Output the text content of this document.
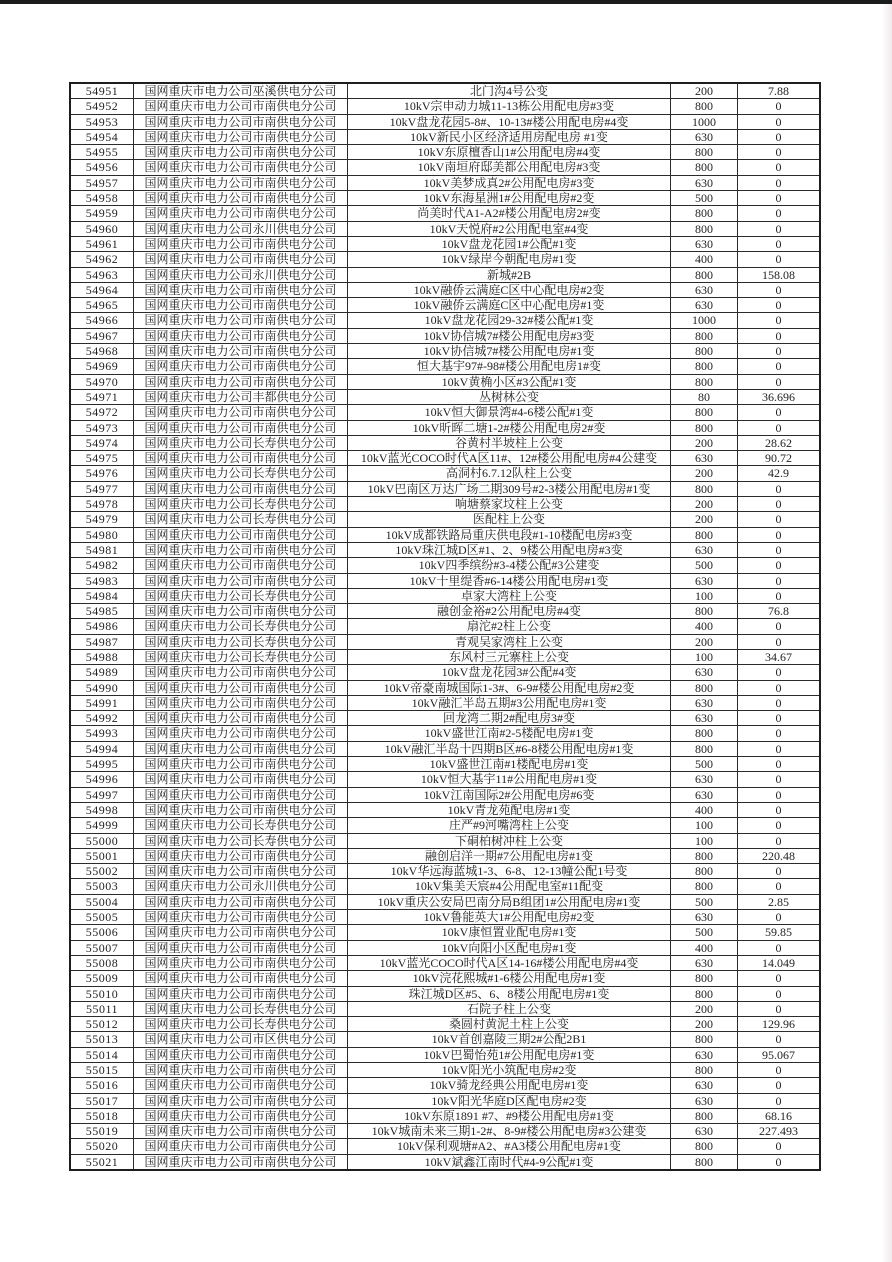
54951	国网重庆市电力公司巫溪供电分公司	北门沟4号公变	200	7.88
54952	国网重庆市电力公司市南供电分公司	10kV宗申动力城11-13栋公用配电房#3变	800	0
54953	国网重庆市电力公司市南供电分公司	10kV盘龙花园5-8#、10-13#楼公用配电房#4变	1000	0
54954	国网重庆市电力公司市南供电分公司	10kV新民小区经济适用房配电房 #1变	630	0
54955	国网重庆市电力公司市南供电分公司	10kV东原檀香山1#公用配电房#4变	800	0
54956	国网重庆市电力公司市南供电分公司	10kV南垣府邸美都公用配电房#3变	800	0
54957	国网重庆市电力公司市南供电分公司	10kV美梦成真2#公用配电房#3变	630	0
54958	国网重庆市电力公司市南供电分公司	10kV东海星洲1#公用配电房#2变	500	0
54959	国网重庆市电力公司市南供电分公司	尚美时代A1-A2#楼公用配电房2#变	800	0
54960	国网重庆市电力公司永川供电分公司	10kV天悦府#2公用配电室#4变	800	0
54961	国网重庆市电力公司市南供电分公司	10kV盘龙花园1#公配#1变	630	0
54962	国网重庆市电力公司市南供电分公司	10kV绿岸今朝配电房#1变	400	0
54963	国网重庆市电力公司永川供电分公司	新城#2B	800	158.08
54964	国网重庆市电力公司市南供电分公司	10kV融侨云满庭C区中心配电房#2变	630	0
54965	国网重庆市电力公司市南供电分公司	10kV融侨云满庭C区中心配电房#1变	630	0
54966	国网重庆市电力公司市南供电分公司	10kV盘龙花园29-32#楼公配#1变	1000	0
54967	国网重庆市电力公司市南供电分公司	10kV协信城7#楼公用配电房#3变	800	0
54968	国网重庆市电力公司市南供电分公司	10kV协信城7#楼公用配电房#1变	800	0
54969	国网重庆市电力公司市南供电分公司	恒大基宇97#-98#楼公用配电房1#变	800	0
54970	国网重庆市电力公司市南供电分公司	10kV黄桷小区#3公配#1变	800	0
54971	国网重庆市电力公司丰都供电分公司	丛树林公变	80	36.696
54972	国网重庆市电力公司市南供电分公司	10kV恒大御景湾#4-6楼公配#1变	800	0
54973	国网重庆市电力公司市南供电分公司	10kV昕晖二塘1-2#楼公用配电房2#变	800	0
54974	国网重庆市电力公司长寿供电分公司	谷黄村半坡柱上公变	200	28.62
54975	国网重庆市电力公司市南供电分公司	10kV蓝光COCO时代A区11#、12#楼公用配电房#4公建变	630	90.72
54976	国网重庆市电力公司长寿供电分公司	高洞村6.7.12队柱上公变	200	42.9
54977	国网重庆市电力公司市南供电分公司	10kV巴南区万达广场二期309号#2-3楼公用配电房#1变	800	0
54978	国网重庆市电力公司长寿供电分公司	响塘蔡家坟柱上公变	200	0
54979	国网重庆市电力公司长寿供电分公司	医配柱上公变	200	0
54980	国网重庆市电力公司市南供电分公司	10kV成都铁路局重庆供电段#1-10楼配电房#3变	800	0
54981	国网重庆市电力公司市南供电分公司	10kV珠江城D区#1、2、9楼公用配电房#3变	630	0
54982	国网重庆市电力公司市南供电分公司	10kV四季缤纷#3-4楼公配#3公建变	500	0
54983	国网重庆市电力公司市南供电分公司	10kV十里缇香#6-14楼公用配电房#1变	630	0
54984	国网重庆市电力公司长寿供电分公司	卓家大湾柱上公变	100	0
54985	国网重庆市电力公司市南供电分公司	融创金裕#2公用配电房#4变	800	76.8
54986	国网重庆市电力公司长寿供电分公司	扇沱#2柱上公变	400	0
54987	国网重庆市电力公司长寿供电分公司	青观吴家湾柱上公变	200	0
54988	国网重庆市电力公司长寿供电分公司	东风村三元寨柱上公变	100	34.67
54989	国网重庆市电力公司市南供电分公司	10kV盘龙花园3#公配#4变	630	0
54990	国网重庆市电力公司市南供电分公司	10kV帝豪南城国际1-3#、6-9#楼公用配电房#2变	800	0
54991	国网重庆市电力公司市南供电分公司	10kV融汇半岛五期#3公用配电房#1变	630	0
54992	国网重庆市电力公司市南供电分公司	回龙湾二期2#配电房3#变	630	0
54993	国网重庆市电力公司市南供电分公司	10kV盛世江南#2-5楼配电房#1变	800	0
54994	国网重庆市电力公司市南供电分公司	10kV融汇半岛十四期B区#6-8楼公用配电房#1变	800	0
54995	国网重庆市电力公司市南供电分公司	10kV盛世江南#1楼配电房#1变	500	0
54996	国网重庆市电力公司市南供电分公司	10kV恒大基宇11#公用配电房#1变	630	0
54997	国网重庆市电力公司市南供电分公司	10kV江南国际2#公用配电房#6变	630	0
54998	国网重庆市电力公司市南供电分公司	10kV青龙苑配电房#1变	400	0
54999	国网重庆市电力公司长寿供电分公司	庄严#9河嘴湾柱上公变	100	0
55000	国网重庆市电力公司长寿供电分公司	下硐柏树冲柱上公变	100	0
55001	国网重庆市电力公司市南供电分公司	融创启洋一期#7公用配电房#1变	800	220.48
55002	国网重庆市电力公司市南供电分公司	10kV华远海蓝城1-3、6-8、12-13幢公配1号变	800	0
55003	国网重庆市电力公司永川供电分公司	10kV集美天宸#4公用配电室#11配变	800	0
55004	国网重庆市电力公司市南供电分公司	10kV重庆公安局巴南分局B组团1#公用配电房#1变	500	2.85
55005	国网重庆市电力公司市南供电分公司	10kV鲁能英大1#公用配电房#2变	630	0
55006	国网重庆市电力公司市南供电分公司	10kV康恒置业配电房#1变	500	59.85
55007	国网重庆市电力公司市南供电分公司	10kV向阳小区配电房#1变	400	0
55008	国网重庆市电力公司市南供电分公司	10kV蓝光COCO时代A区14-16#楼公用配电房#4变	630	14.049
55009	国网重庆市电力公司市南供电分公司	10kV浣花熙城#1-6楼公用配电房#1变	800	0
55010	国网重庆市电力公司市南供电分公司	珠江城D区#5、6、8楼公用配电房#1变	800	0
55011	国网重庆市电力公司长寿供电分公司	石院子柱上公变	200	0
55012	国网重庆市电力公司长寿供电分公司	桑圆村黄泥土柱上公变	200	129.96
55013	国网重庆市电力公司市区供电分公司	10kV首创嘉陵三期2#公配2B1	800	0
55014	国网重庆市电力公司市南供电分公司	10kV巴蜀怡苑1#公用配电房#1变	630	95.067
55015	国网重庆市电力公司市南供电分公司	10kV阳光小筑配电房#2变	800	0
55016	国网重庆市电力公司市南供电分公司	10kV骑龙经典公用配电房#1变	630	0
55017	国网重庆市电力公司市南供电分公司	10kV阳光华庭D区配电房#2变	630	0
55018	国网重庆市电力公司市南供电分公司	10kV东原1891 #7、#9楼公用配电房#1变	800	68.16
55019	国网重庆市电力公司市南供电分公司	10kV城南未来三期1-2#、8-9#楼公用配电房#3公建变	630	227.493
55020	国网重庆市电力公司市南供电分公司	10kV保利观塘#A2、#A3楼公用配电房#1变	800	0
55021	国网重庆市电力公司市南供电分公司	10kV斌鑫江南时代#4-9公配#1变	800	0
